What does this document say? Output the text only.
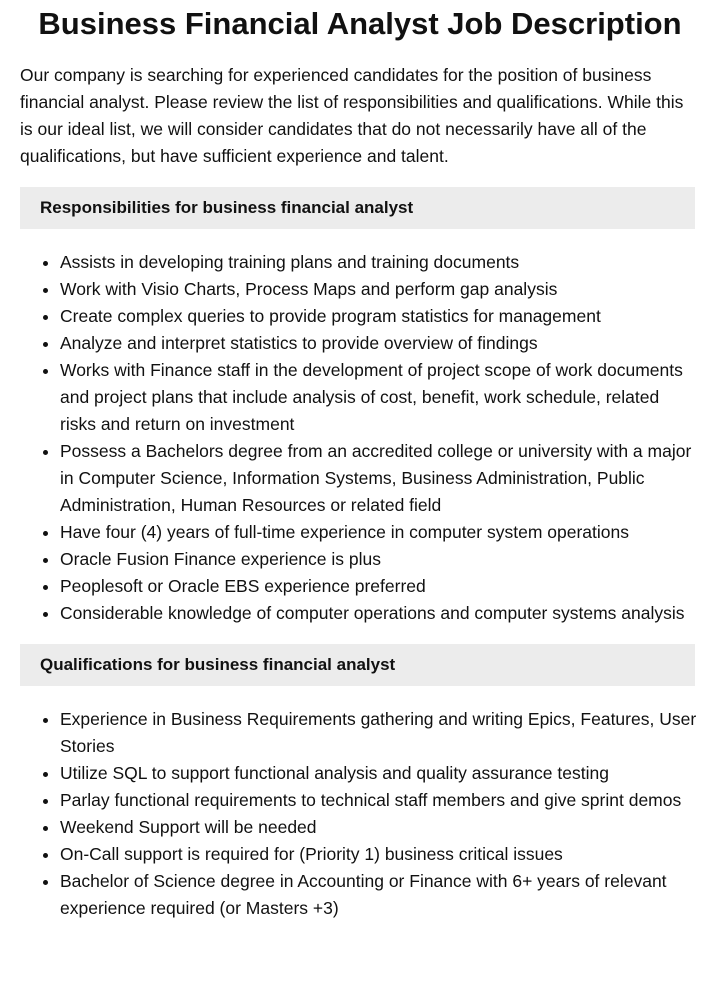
Business Financial Analyst Job Description

Our company is searching for experienced candidates for the position of business financial analyst. Please review the list of responsibilities and qualifications. While this is our ideal list, we will consider candidates that do not necessarily have all of the qualifications, but have sufficient experience and talent.

Responsibilities for business financial analyst
• Assists in developing training plans and training documents
• Work with Visio Charts, Process Maps and perform gap analysis
• Create complex queries to provide program statistics for management
• Analyze and interpret statistics to provide overview of findings
• Works with Finance staff in the development of project scope of work documents and project plans that include analysis of cost, benefit, work schedule, related risks and return on investment
• Possess a Bachelors degree from an accredited college or university with a major in Computer Science, Information Systems, Business Administration, Public Administration, Human Resources or related field
• Have four (4) years of full-time experience in computer system operations
• Oracle Fusion Finance experience is plus
• Peoplesoft or Oracle EBS experience preferred
• Considerable knowledge of computer operations and computer systems analysis
Qualifications for business financial analyst
• Experience in Business Requirements gathering and writing Epics, Features, User Stories
• Utilize SQL to support functional analysis and quality assurance testing
• Parlay functional requirements to technical staff members and give sprint demos
• Weekend Support will be needed
• On-Call support is required for (Priority 1) business critical issues
• Bachelor of Science degree in Accounting or Finance with 6+ years of relevant experience required (or Masters +3)
